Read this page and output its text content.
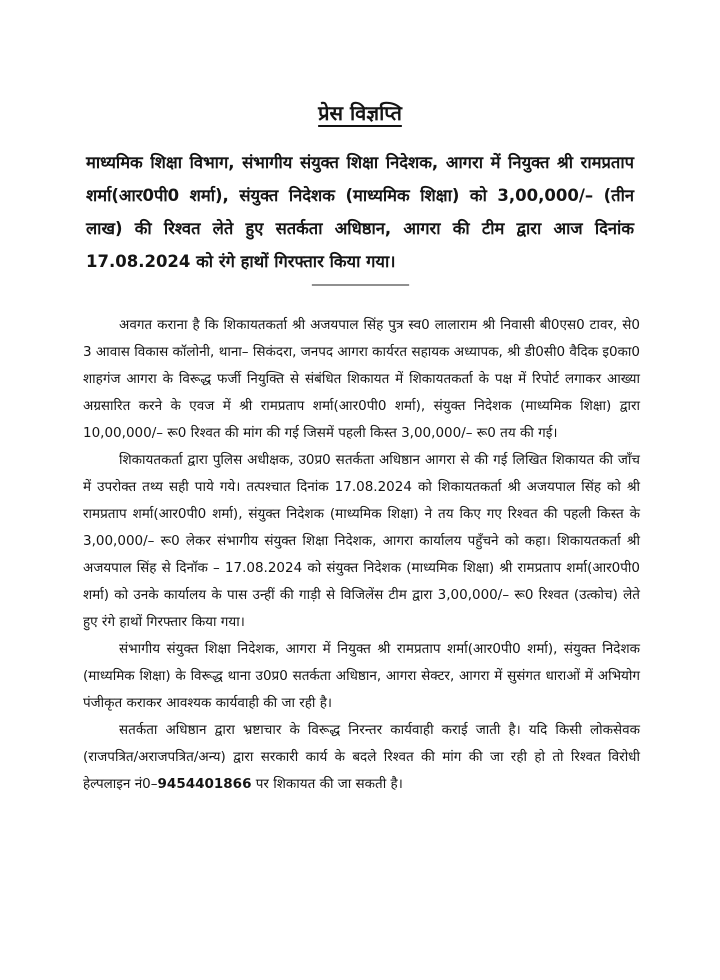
प्रेस विज्ञप्ति
माध्यमिक शिक्षा विभाग, संभागीय संयुक्त शिक्षा निदेशक, आगरा में नियुक्त श्री रामप्रताप शर्मा(आर0पी0 शर्मा), संयुक्त निदेशक (माध्यमिक शिक्षा) को 3,00,000/– (तीन लाख) की रिश्वत लेते हुए सतर्कता अधिष्ठान, आगरा की टीम द्वारा आज दिनांक 17.08.2024 को रंगे हाथों गिरफ्तार किया गया।
________________

अवगत कराना है कि शिकायतकर्ता श्री अजयपाल सिंह पुत्र स्व0 लालाराम श्री निवासी बी0एस0 टावर, से0 3 आवास विकास कॉलोनी, थाना– सिकंदरा, जनपद आगरा कार्यरत सहायक अध्यापक, श्री डी0सी0 वैदिक इ0का0 शाहगंज आगरा के विरूद्ध फर्जी नियुक्ति से संबंधित शिकायत में शिकायतकर्ता के पक्ष में रिपोर्ट लगाकर आख्या अग्रसारित करने के एवज में श्री रामप्रताप शर्मा(आर0पी0 शर्मा), संयुक्त निदेशक (माध्यमिक शिक्षा) द्वारा 10,00,000/– रू0 रिश्वत की मांग की गई जिसमें पहली किस्त 3,00,000/– रू0 तय की गई।

शिकायतकर्ता द्वारा पुलिस अधीक्षक, उ0प्र0 सतर्कता अधिष्ठान आगरा से की गई लिखित शिकायत की जाँच में उपरोक्त तथ्य सही पाये गये। तत्पश्चात दिनांक 17.08.2024 को शिकायतकर्ता श्री अजयपाल सिंह को श्री रामप्रताप शर्मा(आर0पी0 शर्मा), संयुक्त निदेशक (माध्यमिक शिक्षा) ने तय किए गए रिश्वत की पहली किस्त के 3,00,000/– रू0 लेकर संभागीय संयुक्त शिक्षा निदेशक, आगरा कार्यालय पहुँचने को कहा। शिकायतकर्ता श्री अजयपाल सिंह से दिनॉक – 17.08.2024 को संयुक्त निदेशक (माध्यमिक शिक्षा) श्री रामप्रताप शर्मा(आर0पी0 शर्मा) को उनके कार्यालय के पास उन्हीं की गाड़ी से विजिलेंस टीम द्वारा 3,00,000/– रू0 रिश्वत (उत्कोच) लेते हुए रंगे हाथों गिरफ्तार किया गया।

संभागीय संयुक्त शिक्षा निदेशक, आगरा में नियुक्त श्री रामप्रताप शर्मा(आर0पी0 शर्मा), संयुक्त निदेशक (माध्यमिक शिक्षा) के विरूद्ध थाना उ0प्र0 सतर्कता अधिष्ठान, आगरा सेक्टर, आगरा में सुसंगत धाराओं में अभियोग पंजीकृत कराकर आवश्यक कार्यवाही की जा रही है।

सतर्कता अधिष्ठान द्वारा भ्रष्टाचार के विरूद्ध निरन्तर कार्यवाही कराई जाती है। यदि किसी लोकसेवक (राजपत्रित/अराजपत्रित/अन्य) द्वारा सरकारी कार्य के बदले रिश्वत की मांग की जा रही हो तो रिश्वत विरोधी हेल्पलाइन नं0–9454401866 पर शिकायत की जा सकती है।
